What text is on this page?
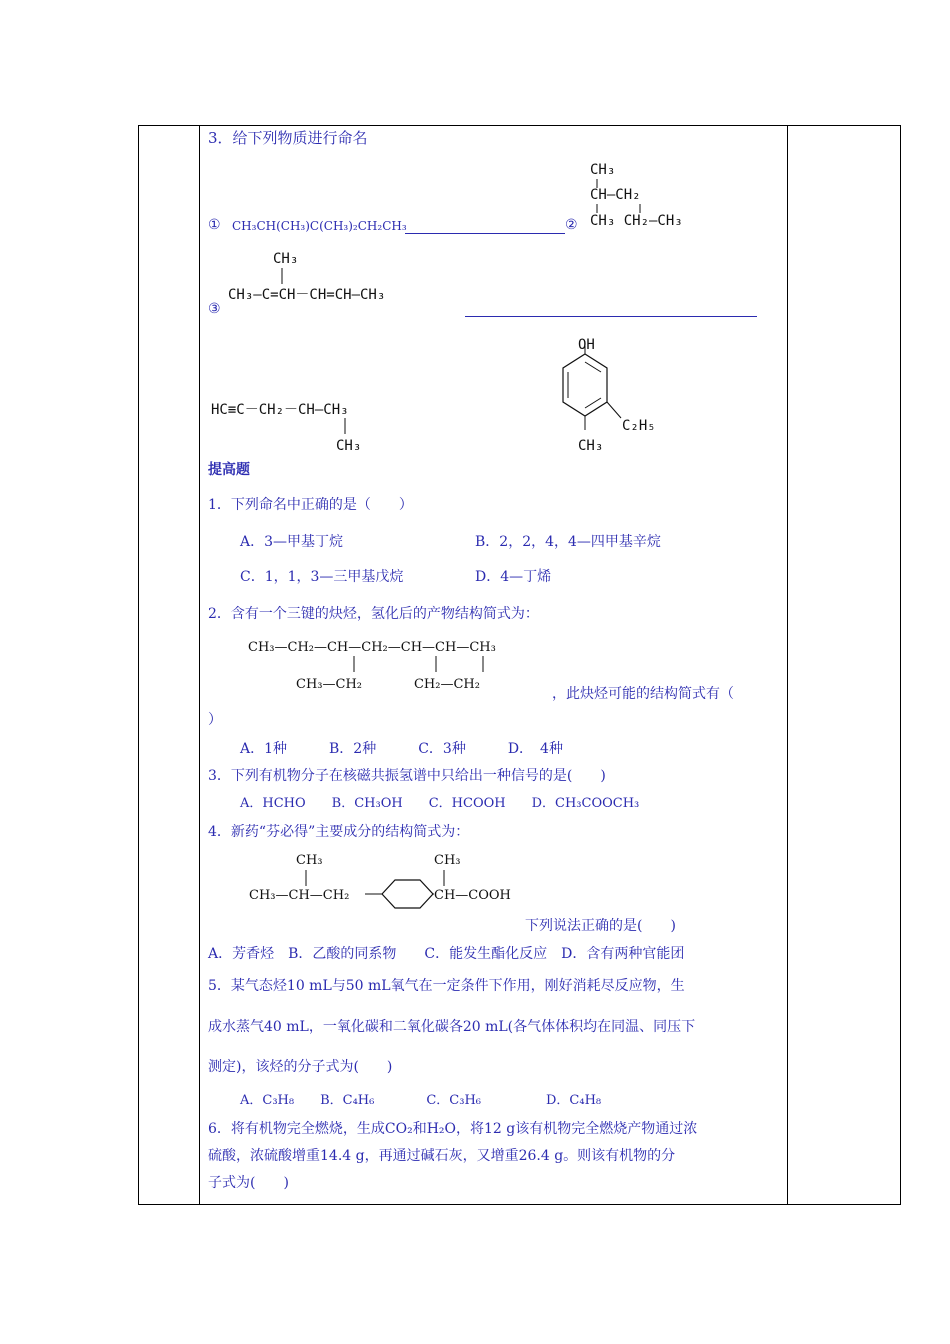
3．给下列物质进行命名
CH₃
CH—CH₂
CH₃ CH₂—CH₃
① CH₃CH(CH₃)C(CH₃)₂CH₂CH₃	②
CH₃
CH₃—C=CH－CH=CH—CH₃
③
HC≡C－CH₂－CH—CH₃
CH₃
OH
C₂H₅
CH₃
提高题
1．下列命名中正确的是（　　）
A．3—甲基丁烷	B．2，2，4，4—四甲基辛烷
C．1，1，3—三甲基戊烷	D．4—丁烯
2．含有一个三键的炔烃，氢化后的产物结构简式为：
CH₃—CH₂—CH—CH₂—CH—CH—CH₃
CH₃—CH₂　　　　CH₂—CH₂
，此炔烃可能的结构简式有（
）
A．1种　　　B．2种　　　C．3种　　　D．　4种
3．下列有机物分子在核磁共振氢谱中只给出一种信号的是(　　)
A．HCHO　　B．CH₃OH　　C．HCOOH　　D．CH₃COOCH₃
4．新药“芬必得”主要成分的结构简式为：
CH₃	CH₃
CH₃—CH—CH₂	CH—COOH
下列说法正确的是(　　)
A．芳香烃　B．乙酸的同系物　　C．能发生酯化反应　D．含有两种官能团
5．某气态烃10 mL与50 mL氧气在一定条件下作用，刚好消耗尽反应物，生
成水蒸气40 mL，一氧化碳和二氧化碳各20 mL(各气体体积均在同温、同压下
测定)，该烃的分子式为(　　)
A．C₃H₈　　B．C₄H₆　　　　C．C₃H₆　　　　　D．C₄H₈
6．将有机物完全燃烧，生成CO₂和H₂O，将12 g该有机物完全燃烧产物通过浓
硫酸，浓硫酸增重14.4 g，再通过碱石灰，又增重26.4 g。则该有机物的分
子式为(　　)
